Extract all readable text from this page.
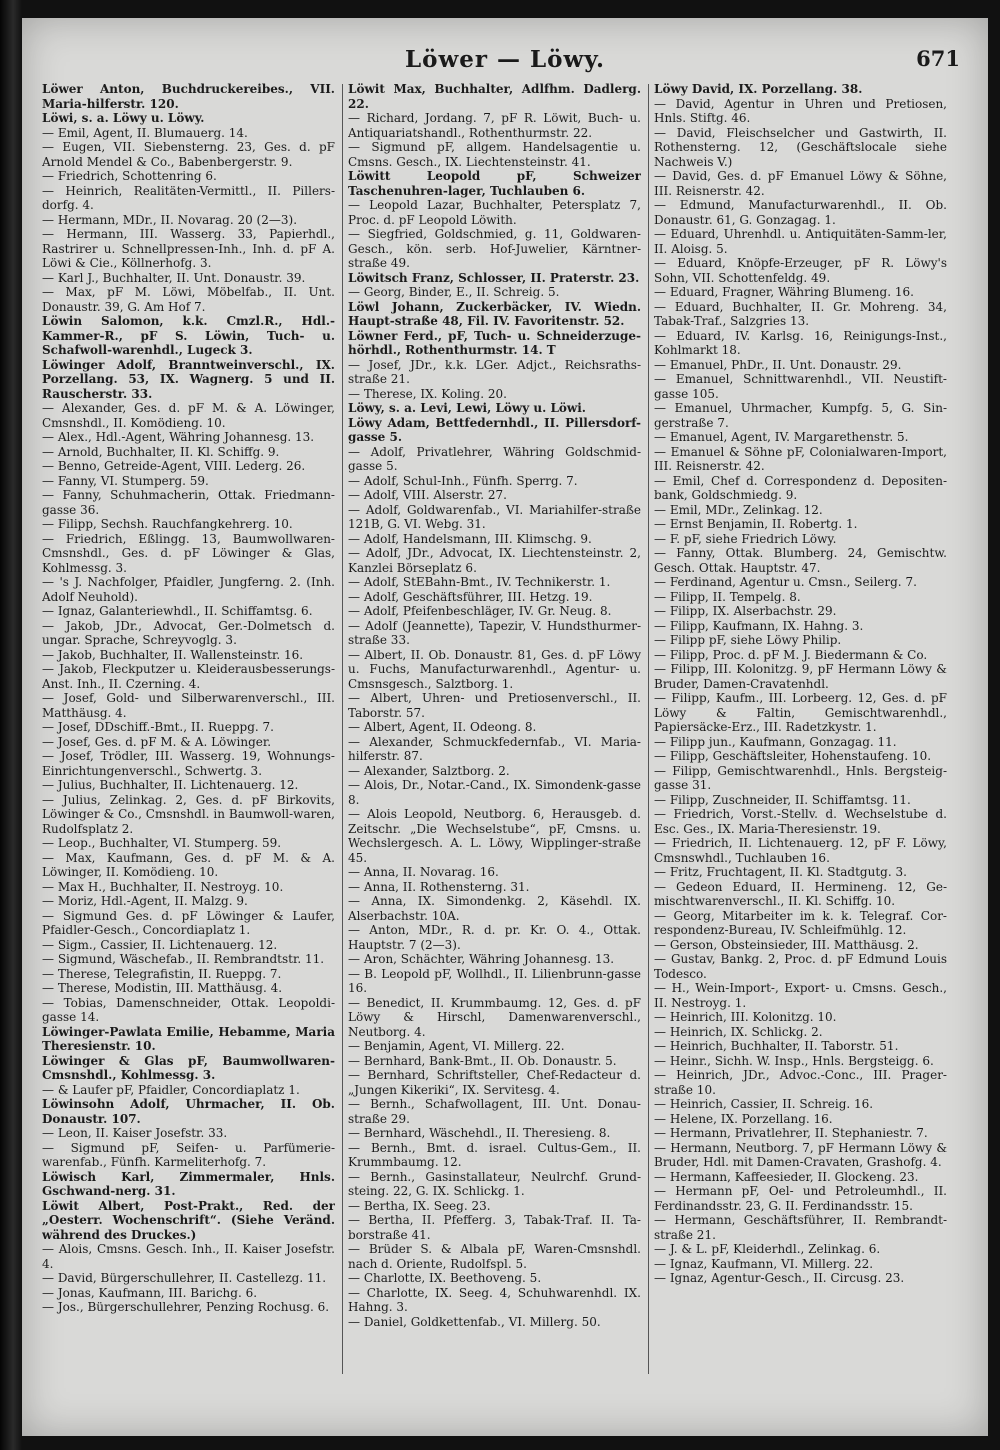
Löwer — Löwy.	671

Löwer Anton, Buchdruckereibes., VII. Maria-hilferstr. 120.

Löwi, s. a. Löwy u. Löwy.

— Emil, Agent, II. Blumauerg. 14.

— Eugen, VII. Siebensterng. 23, Ges. d. pF Arnold Mendel & Co., Babenbergerstr. 9.

— Friedrich, Schottenring 6.

— Heinrich, Realitäten-Vermittl., II. Pillers-dorfg. 4.

— Hermann, MDr., II. Novarag. 20 (2—3).

— Hermann, III. Wasserg. 33, Papierhdl., Rastrirer u. Schnellpressen-Inh., Inh. d. pF A. Löwi & Cie., Köllnerhofg. 3.

— Karl J., Buchhalter, II. Unt. Donaustr. 39.

— Max, pF M. Löwi, Möbelfab., II. Unt. Donaustr. 39, G. Am Hof 7.

Löwin Salomon, k.k. Cmzl.R., Hdl.-Kammer-R., pF S. Löwin, Tuch- u. Schafwoll-warenhdl., Lugeck 3.

Löwinger Adolf, Branntweinverschl., IX. Porzellang. 53, IX. Wagnerg. 5 und II. Rauscherstr. 33.

— Alexander, Ges. d. pF M. & A. Löwinger, Cmsnshdl., II. Komödieng. 10.

— Alex., Hdl.-Agent, Währing Johannesg. 13.

— Arnold, Buchhalter, II. Kl. Schiffg. 9.

— Benno, Getreide-Agent, VIII. Lederg. 26.

— Fanny, VI. Stumperg. 59.

— Fanny, Schuhmacherin, Ottak. Friedmann-gasse 36.

— Filipp, Sechsh. Rauchfangkehrerg. 10.

— Friedrich, Eßlingg. 13, Baumwollwaren-Cmsnshdl., Ges. d. pF Löwinger & Glas, Kohlmessg. 3.

— 's J. Nachfolger, Pfaidler, Jungferng. 2. (Inh. Adolf Neuhold).

— Ignaz, Galanteriewhdl., II. Schiffamtsg. 6.

— Jakob, JDr., Advocat, Ger.-Dolmetsch d. ungar. Sprache, Schreyvoglg. 3.

— Jakob, Buchhalter, II. Wallensteinstr. 16.

— Jakob, Fleckputzer u. Kleiderausbesserungs-Anst. Inh., II. Czerning. 4.

— Josef, Gold- und Silberwarenverschl., III. Matthäusg. 4.

— Josef, DDschiff.-Bmt., II. Rueppg. 7.

— Josef, Ges. d. pF M. & A. Löwinger.

— Josef, Trödler, III. Wasserg. 19, Wohnungs-Einrichtungenverschl., Schwertg. 3.

— Julius, Buchhalter, II. Lichtenauerg. 12.

— Julius, Zelinkag. 2, Ges. d. pF Birkovits, Löwinger & Co., Cmsnshdl. in Baumwoll-waren, Rudolfsplatz 2.

— Leop., Buchhalter, VI. Stumperg. 59.

— Max, Kaufmann, Ges. d. pF M. & A. Löwinger, II. Komödieng. 10.

— Max H., Buchhalter, II. Nestroyg. 10.

— Moriz, Hdl.-Agent, II. Malzg. 9.

— Sigmund Ges. d. pF Löwinger & Laufer, Pfaidler-Gesch., Concordiaplatz 1.

— Sigm., Cassier, II. Lichtenauerg. 12.

— Sigmund, Wäschefab., II. Rembrandtstr. 11.

— Therese, Telegrafistin, II. Rueppg. 7.

— Therese, Modistin, III. Matthäusg. 4.

— Tobias, Damenschneider, Ottak. Leopoldi-gasse 14.

Löwinger-Pawlata Emilie, Hebamme, Maria Theresienstr. 10.

Löwinger & Glas pF, Baumwollwaren-Cmsnshdl., Kohlmessg. 3.

— & Laufer pF, Pfaidler, Concordiaplatz 1.

Löwinsohn Adolf, Uhrmacher, II. Ob. Donaustr. 107.

— Leon, II. Kaiser Josefstr. 33.

— Sigmund pF, Seifen- u. Parfümerie-warenfab., Fünfh. Karmeliterhofg. 7.

Löwisch Karl, Zimmermaler, Hnls. Gschwand-nerg. 31.

Löwit Albert, Post-Prakt., Red. der „Oesterr. Wochenschrift“. (Siehe Veränd. während des Druckes.)

— Alois, Cmsns. Gesch. Inh., II. Kaiser Josefstr. 4.

— David, Bürgerschullehrer, II. Castellezg. 11.

— Jonas, Kaufmann, III. Barichg. 6.

— Jos., Bürgerschullehrer, Penzing Rochusg. 6.

Löwit Max, Buchhalter, Adlfhm. Dadlerg. 22.

— Richard, Jordang. 7, pF R. Löwit, Buch- u. Antiquariatshandl., Rothenthurmstr. 22.

— Sigmund pF, allgem. Handelsagentie u. Cmsns. Gesch., IX. Liechtensteinstr. 41.

Löwitt Leopold pF, Schweizer Taschenuhren-lager, Tuchlauben 6.

— Leopold Lazar, Buchhalter, Petersplatz 7, Proc. d. pF Leopold Löwith.

— Siegfried, Goldschmied, g. 11, Goldwaren-Gesch., kön. serb. Hof-Juwelier, Kärntner-straße 49.

Löwitsch Franz, Schlosser, II. Praterstr. 23.

— Georg, Binder, E., II. Schreig. 5.

Löwl Johann, Zuckerbäcker, IV. Wiedn. Haupt-straße 48, Fil. IV. Favoritenstr. 52.

Löwner Ferd., pF, Tuch- u. Schneiderzuge-hörhdl., Rothenthurmstr. 14. T

— Josef, JDr., k.k. LGer. Adjct., Reichsraths-straße 21.

— Therese, IX. Koling. 20.

Löwy, s. a. Levi, Lewi, Löwy u. Löwi.

Löwy Adam, Bettfedernhdl., II. Pillersdorf-gasse 5.

— Adolf, Privatlehrer, Währing Goldschmid-gasse 5.

— Adolf, Schul-Inh., Fünfh. Sperrg. 7.

— Adolf, VIII. Alserstr. 27.

— Adolf, Goldwarenfab., VI. Mariahilfer-straße 121B, G. VI. Webg. 31.

— Adolf, Handelsmann, III. Klimschg. 9.

— Adolf, JDr., Advocat, IX. Liechtensteinstr. 2, Kanzlei Börseplatz 6.

— Adolf, StEBahn-Bmt., IV. Technikerstr. 1.

— Adolf, Geschäftsführer, III. Hetzg. 19.

— Adolf, Pfeifenbeschläger, IV. Gr. Neug. 8.

— Adolf (Jeannette), Tapezir, V. Hundsthurmer-straße 33.

— Albert, II. Ob. Donaustr. 81, Ges. d. pF Löwy u. Fuchs, Manufacturwarenhdl., Agentur- u. Cmsnsgesch., Salztborg. 1.

— Albert, Uhren- und Pretiosenverschl., II. Taborstr. 57.

— Albert, Agent, II. Odeong. 8.

— Alexander, Schmuckfedernfab., VI. Maria-hilferstr. 87.

— Alexander, Salztborg. 2.

— Alois, Dr., Notar.-Cand., IX. Simondenk-gasse 8.

— Alois Leopold, Neutborg. 6, Herausgeb. d. Zeitschr. „Die Wechselstube“, pF, Cmsns. u. Wechslergesch. A. L. Löwy, Wipplinger-straße 45.

— Anna, II. Novarag. 16.

— Anna, II. Rothensterng. 31.

— Anna, IX. Simondenkg. 2, Käsehdl. IX. Alserbachstr. 10A.

— Anton, MDr., R. d. pr. Kr. O. 4., Ottak. Hauptstr. 7 (2—3).

— Aron, Schächter, Währing Johannesg. 13.

— B. Leopold pF, Wollhdl., II. Lilienbrunn-gasse 16.

— Benedict, II. Krummbaumg. 12, Ges. d. pF Löwy & Hirschl, Damenwarenverschl., Neutborg. 4.

— Benjamin, Agent, VI. Millerg. 22.

— Bernhard, Bank-Bmt., II. Ob. Donaustr. 5.

— Bernhard, Schriftsteller, Chef-Redacteur d. „Jungen Kikeriki“, IX. Servitesg. 4.

— Bernh., Schafwollagent, III. Unt. Donau-straße 29.

— Bernhard, Wäschehdl., II. Theresieng. 8.

— Bernh., Bmt. d. israel. Cultus-Gem., II. Krummbaumg. 12.

— Bernh., Gasinstallateur, Neulrchf. Grund-steing. 22, G. IX. Schlickg. 1.

— Bertha, IX. Seeg. 23.

— Bertha, II. Pfefferg. 3, Tabak-Traf. II. Ta-borstraße 41.

— Brüder S. & Albala pF, Waren-Cmsnshdl. nach d. Oriente, Rudolfspl. 5.

— Charlotte, IX. Beethoveng. 5.

— Charlotte, IX. Seeg. 4, Schuhwarenhdl. IX. Hahng. 3.

— Daniel, Goldkettenfab., VI. Millerg. 50.

Löwy David, IX. Porzellang. 38.

— David, Agentur in Uhren und Pretiosen, Hnls. Stiftg. 46.

— David, Fleischselcher und Gastwirth, II. Rothensterng. 12, (Geschäftslocale siehe Nachweis V.)

— David, Ges. d. pF Emanuel Löwy & Söhne, III. Reisnerstr. 42.

— Edmund, Manufacturwarenhdl., II. Ob. Donaustr. 61, G. Gonzagag. 1.

— Eduard, Uhrenhdl. u. Antiquitäten-Samm-ler, II. Aloisg. 5.

— Eduard, Knöpfe-Erzeuger, pF R. Löwy's Sohn, VII. Schottenfeldg. 49.

— Eduard, Fragner, Währing Blumeng. 16.

— Eduard, Buchhalter, II. Gr. Mohreng. 34, Tabak-Traf., Salzgries 13.

— Eduard, IV. Karlsg. 16, Reinigungs-Inst., Kohlmarkt 18.

— Emanuel, PhDr., II. Unt. Donaustr. 29.

— Emanuel, Schnittwarenhdl., VII. Neustift-gasse 105.

— Emanuel, Uhrmacher, Kumpfg. 5, G. Sin-gerstraße 7.

— Emanuel, Agent, IV. Margarethenstr. 5.

— Emanuel & Söhne pF, Colonialwaren-Import, III. Reisnerstr. 42.

— Emil, Chef d. Correspondenz d. Depositen-bank, Goldschmiedg. 9.

— Emil, MDr., Zelinkag. 12.

— Ernst Benjamin, II. Robertg. 1.

— F. pF, siehe Friedrich Löwy.

— Fanny, Ottak. Blumberg. 24, Gemischtw. Gesch. Ottak. Hauptstr. 47.

— Ferdinand, Agentur u. Cmsn., Seilerg. 7.

— Filipp, II. Tempelg. 8.

— Filipp, IX. Alserbachstr. 29.

— Filipp, Kaufmann, IX. Hahng. 3.

— Filipp pF, siehe Löwy Philip.

— Filipp, Proc. d. pF M. J. Biedermann & Co.

— Filipp, III. Kolonitzg. 9, pF Hermann Löwy & Bruder, Damen-Cravatenhdl.

— Filipp, Kaufm., III. Lorbeerg. 12, Ges. d. pF Löwy & Faltin, Gemischtwarenhdl., Papiersäcke-Erz., III. Radetzkystr. 1.

— Filipp jun., Kaufmann, Gonzagag. 11.

— Filipp, Geschäftsleiter, Hohenstaufeng. 10.

— Filipp, Gemischtwarenhdl., Hnls. Bergsteig-gasse 31.

— Filipp, Zuschneider, II. Schiffamtsg. 11.

— Friedrich, Vorst.-Stellv. d. Wechselstube d. Esc. Ges., IX. Maria-Theresienstr. 19.

— Friedrich, II. Lichtenauerg. 12, pF F. Löwy, Cmsnswhdl., Tuchlauben 16.

— Fritz, Fruchtagent, II. Kl. Stadtgutg. 3.

— Gedeon Eduard, II. Hermineng. 12, Ge-mischtwarenverschl., II. Kl. Schiffg. 10.

— Georg, Mitarbeiter im k. k. Telegraf. Cor-respondenz-Bureau, IV. Schleifmühlg. 12.

— Gerson, Obsteinsieder, III. Matthäusg. 2.

— Gustav, Bankg. 2, Proc. d. pF Edmund Louis Todesco.

— H., Wein-Import-, Export- u. Cmsns. Gesch., II. Nestroyg. 1.

— Heinrich, III. Kolonitzg. 10.

— Heinrich, IX. Schlickg. 2.

— Heinrich, Buchhalter, II. Taborstr. 51.

— Heinr., Sichh. W. Insp., Hnls. Bergsteigg. 6.

— Heinrich, JDr., Advoc.-Conc., III. Prager-straße 10.

— Heinrich, Cassier, II. Schreig. 16.

— Helene, IX. Porzellang. 16.

— Hermann, Privatlehrer, II. Stephaniestr. 7.

— Hermann, Neutborg. 7, pF Hermann Löwy & Bruder, Hdl. mit Damen-Cravaten, Grashofg. 4.

— Hermann, Kaffeesieder, II. Glockeng. 23.

— Hermann pF, Oel- und Petroleumhdl., II. Ferdinandsstr. 23, G. II. Ferdinandsstr. 15.

— Hermann, Geschäftsführer, II. Rembrandt-straße 21.

— J. & L. pF, Kleiderhdl., Zelinkag. 6.

— Ignaz, Kaufmann, VI. Millerg. 22.

— Ignaz, Agentur-Gesch., II. Circusg. 23.
